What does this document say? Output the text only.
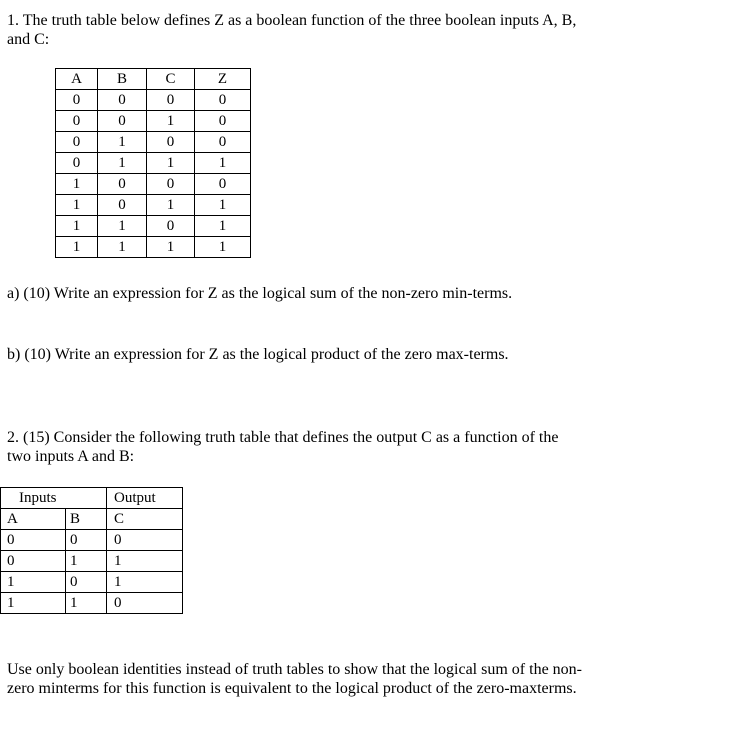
1. The truth table below defines Z as a boolean function of the three boolean inputs A, B,
and C:

A	B	C	Z
0	0	0	0
0	0	1	0
0	1	0	0
0	1	1	1
1	0	0	0
1	0	1	1
1	1	0	1
1	1	1	1

a) (10) Write an expression for Z as the logical sum of the non-zero min-terms.

b) (10) Write an expression for Z as the logical product of the zero max-terms.

2. (15) Consider the following truth table that defines the output C as a function of the
two inputs A and B:

Inputs		Output
A	B	C
0	0	0
0	1	1
1	0	1
1	1	0

Use only boolean identities instead of truth tables to show that the logical sum of the non-
zero minterms for this function is equivalent to the logical product of the zero-maxterms.
